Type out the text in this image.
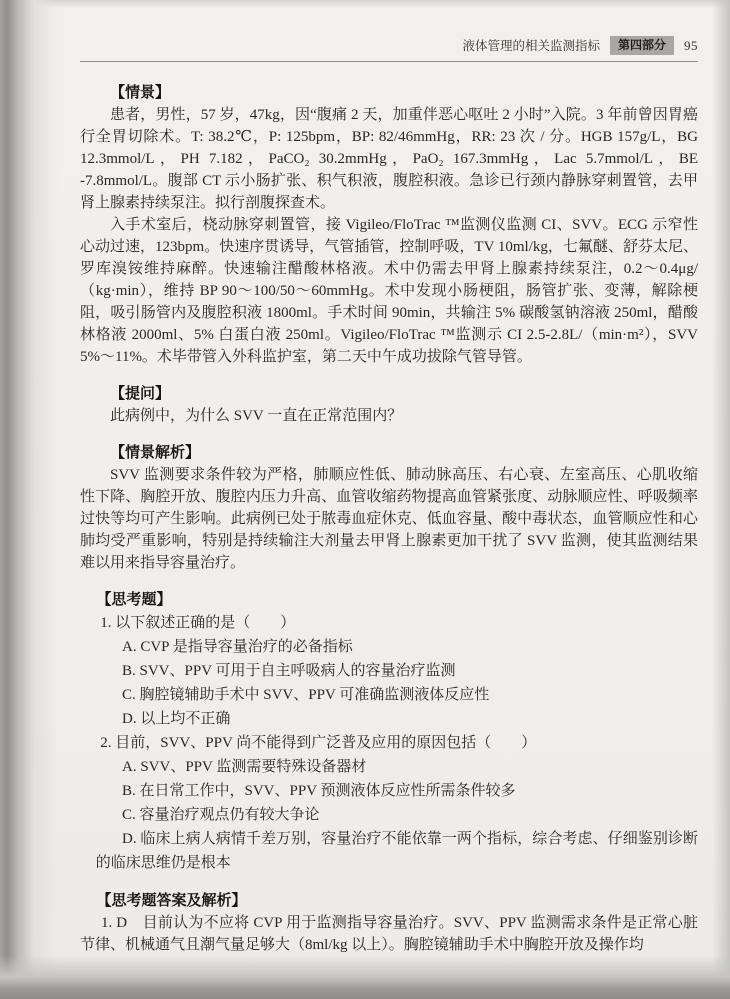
液体管理的相关监测指标	第四部分	95
【情景】

患者，男性，57 岁，47kg，因“腹痛 2 天，加重伴恶心呕吐 2 小时”入院。3 年前曾因胃癌行全胃切除术。T: 38.2℃，P: 125bpm，BP: 82/46mmHg，RR: 23 次 / 分。HGB 157g/L，BG 12.3mmol/L，PH 7.182，PaCO₂ 30.2mmHg，PaO₂ 167.3mmHg，Lac 5.7mmol/L，BE -7.8mmol/L。腹部 CT 示小肠扩张、积气积液，腹腔积液。急诊已行颈内静脉穿刺置管，去甲肾上腺素持续泵注。拟行剖腹探查术。

入手术室后，桡动脉穿刺置管，接 Vigileo/FloTrac ™监测仪监测 CI、SVV。ECG 示窄性心动过速，123bpm。快速序贯诱导，气管插管，控制呼吸，TV 10ml/kg，七氟醚、舒芬太尼、罗库溴铵维持麻醉。快速输注醋酸林格液。术中仍需去甲肾上腺素持续泵注，0.2～0.4μg/（kg·min），维持 BP 90～100/50～60mmHg。术中发现小肠梗阻，肠管扩张、变薄，解除梗阻，吸引肠管内及腹腔积液 1800ml。手术时间 90min，共输注 5% 碳酸氢钠溶液 250ml，醋酸林格液 2000ml、5% 白蛋白液 250ml。Vigileo/FloTrac ™监测示 CI 2.5-2.8L/（min·m²），SVV 5%～11%。术毕带管入外科监护室，第二天中午成功拔除气管导管。

【提问】

此病例中，为什么 SVV 一直在正常范围内？

【情景解析】

SVV 监测要求条件较为严格，肺顺应性低、肺动脉高压、右心衰、左室高压、心肌收缩性下降、胸腔开放、腹腔内压力升高、血管收缩药物提高血管紧张度、动脉顺应性、呼吸频率过快等均可产生影响。此病例已处于脓毒血症休克、低血容量、酸中毒状态，血管顺应性和心肺均受严重影响，特别是持续输注大剂量去甲肾上腺素更加干扰了 SVV 监测，使其监测结果难以用来指导容量治疗。

【思考题】

1. 以下叙述正确的是（　　）

A. CVP 是指导容量治疗的必备指标

B. SVV、PPV 可用于自主呼吸病人的容量治疗监测

C. 胸腔镜辅助手术中 SVV、PPV 可准确监测液体反应性

D. 以上均不正确

2. 目前，SVV、PPV 尚不能得到广泛普及应用的原因包括（　　）

A. SVV、PPV 监测需要特殊设备器材

B. 在日常工作中，SVV、PPV 预测液体反应性所需条件较多

C. 容量治疗观点仍有较大争论

D. 临床上病人病情千差万别，容量治疗不能依靠一两个指标，综合考虑、仔细鉴别诊断的临床思维仍是根本

【思考题答案及解析】

1. D　目前认为不应将 CVP 用于监测指导容量治疗。SVV、PPV 监测需求条件是正常心脏节律、机械通气且潮气量足够大（8ml/kg 以上）。胸腔镜辅助手术中胸腔开放及操作均
